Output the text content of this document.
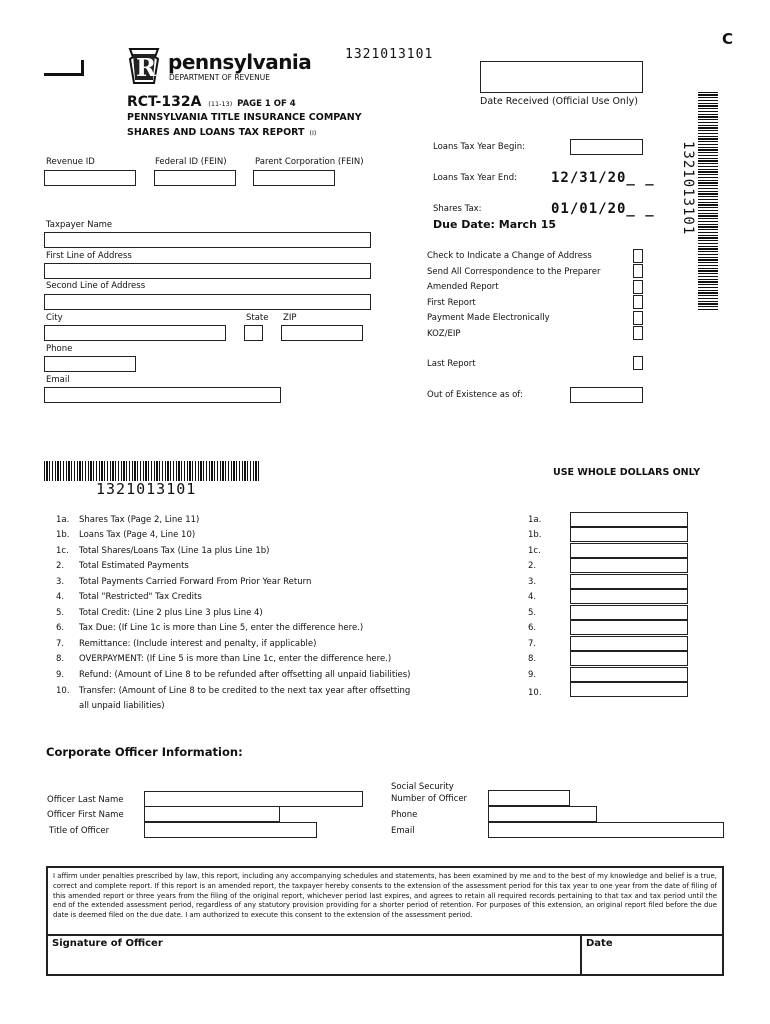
C
R pennsylvania
DEPARTMENT OF REVENUE
1321013101
RCT-132A (11-13) PAGE 1 OF 4
PENNSYLVANIA TITLE INSURANCE COMPANY
SHARES AND LOANS TAX REPORT (I)
Date Received (Official Use Only)
1321013101
Revenue ID	Federal ID (FEIN)	Parent Corporation (FEIN)
Loans Tax Year Begin:
Loans Tax Year End: 12/31/20_ _
Shares Tax:	01/01/20_ _
Due Date: March 15
Taxpayer Name
First Line of Address
Second Line of Address
City	State ZIP
Phone
Email
Check to Indicate a Change of Address
Send All Correspondence to the Preparer
Amended Report
First Report
Payment Made Electronically
KOZ/EIP
Last Report
Out of Existence as of:
1321013101
USE WHOLE DOLLARS ONLY
1a. Shares Tax (Page 2, Line 11)	1a.
1b. Loans Tax (Page 4, Line 10)	1b.
1c. Total Shares/Loans Tax (Line 1a plus Line 1b)	1c.
2. Total Estimated Payments	2.
3. Total Payments Carried Forward From Prior Year Return	3.
4. Total "Restricted" Tax Credits	4.
5. Total Credit: (Line 2 plus Line 3 plus Line 4)	5.
6. Tax Due: (If Line 1c is more than Line 5, enter the difference here.)	6.
7. Remittance: (Include interest and penalty, if applicable)	7.
8. OVERPAYMENT: (If Line 5 is more than Line 1c, enter the difference here.)	8.
9. Refund: (Amount of Line 8 to be refunded after offsetting all unpaid liabilities)	9.
10. Transfer: (Amount of Line 8 to be credited to the next tax year after offsetting	10.
all unpaid liabilities)
Corporate Officer Information:
Officer Last Name
Officer First Name
Title of Officer
Social Security
Number of Officer
Phone
Email
I affirm under penalties prescribed by law, this report, including any accompanying schedules and statements, has been examined by me and to the best of my knowledge and belief is a true, correct and complete report. If this report is an amended report, the taxpayer hereby consents to the extension of the assessment period for this tax year to one year from the date of filing of this amended report or three years from the filing of the original report, whichever period last expires, and agrees to retain all required records pertaining to that tax and tax period until the end of the extended assessment period, regardless of any statutory provision providing for a shorter period of retention. For purposes of this extension, an original report filed before the due date is deemed filed on the due date. I am authorized to execute this consent to the extension of the assessment period.
Signature of Officer	Date
